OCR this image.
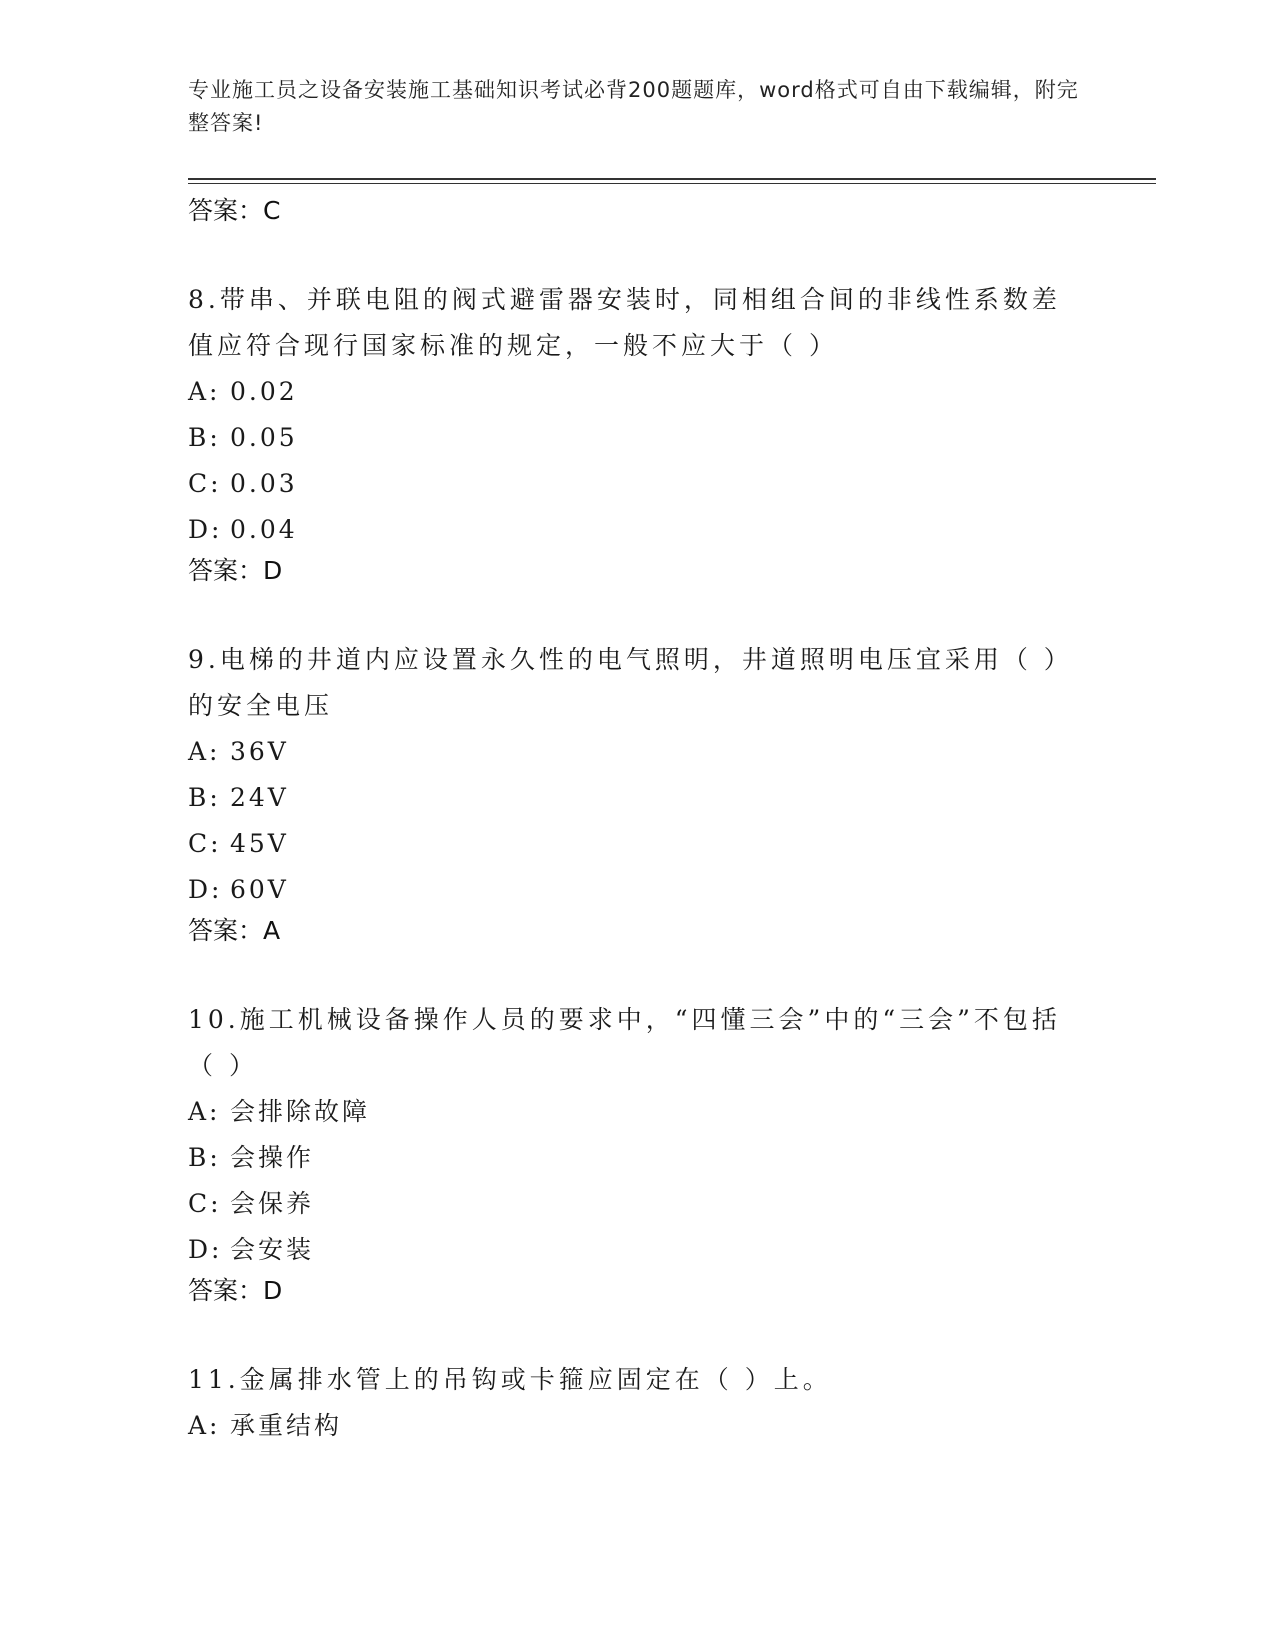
专业施工员之设备安装施工基础知识考试必背200题题库，word格式可自由下载编辑，附完整答案!
答案：C
8.带串、并联电阻的阀式避雷器安装时，同相组合间的非线性系数差值应符合现行国家标准的规定，一般不应大于（ ）
A: 0.02
B: 0.05
C: 0.03
D: 0.04
答案：D
9.电梯的井道内应设置永久性的电气照明，井道照明电压宜采用（ ）的安全电压
A: 36V
B: 24V
C: 45V
D: 60V
答案：A
10.施工机械设备操作人员的要求中，“四懂三会”中的“三会”不包括（ ）
A: 会排除故障
B: 会操作
C: 会保养
D: 会安装
答案：D
11.金属排水管上的吊钩或卡箍应固定在（ ）上。
A: 承重结构
